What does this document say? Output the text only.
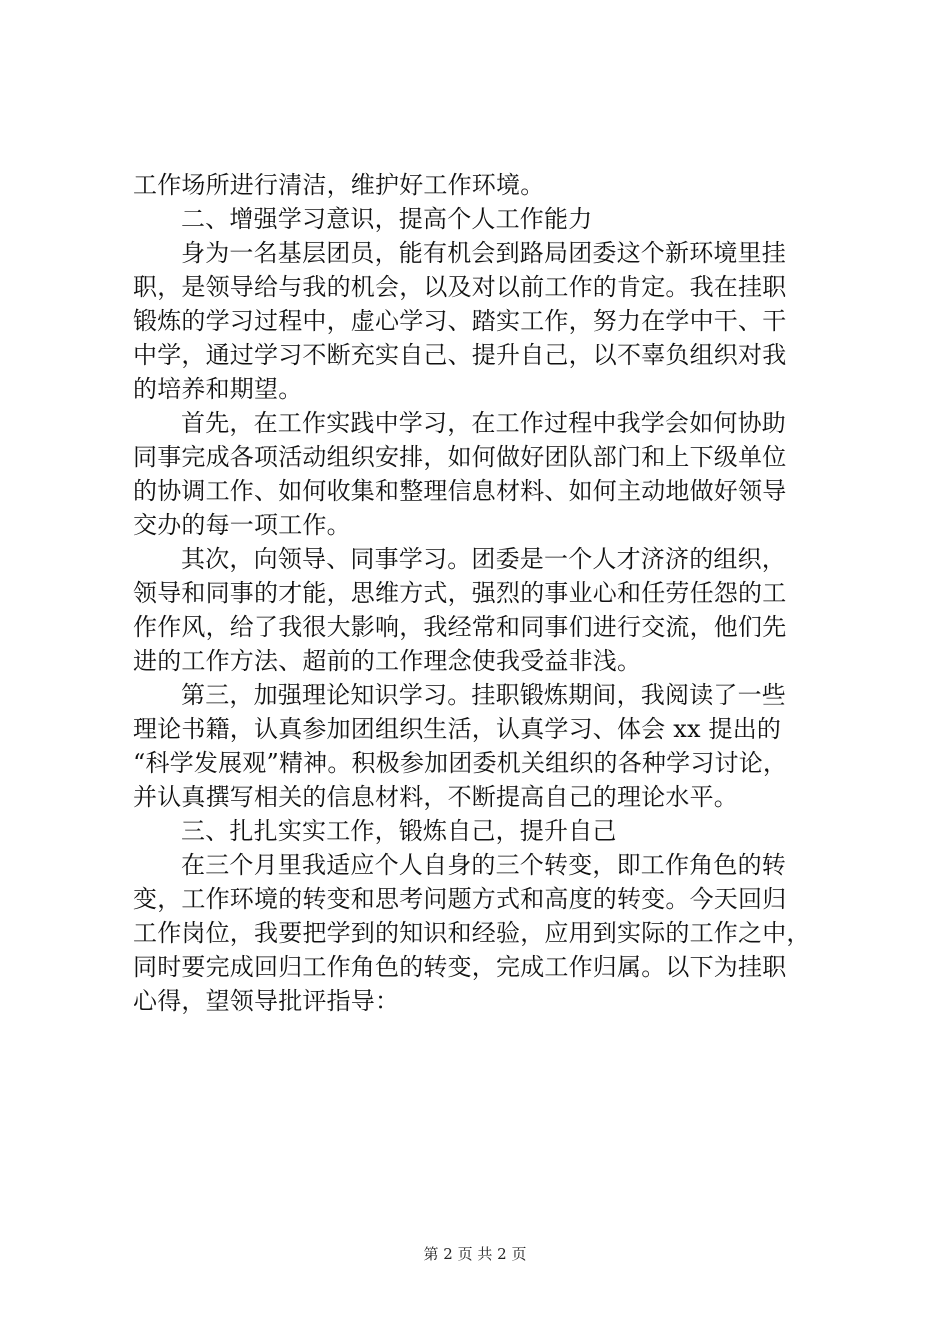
工作场所进行清洁，维护好工作环境。
二、增强学习意识，提高个人工作能力
身为一名基层团员，能有机会到路局团委这个新环境里挂
职，是领导给与我的机会，以及对以前工作的肯定。我在挂职
锻炼的学习过程中，虚心学习、踏实工作，努力在学中干、干
中学，通过学习不断充实自己、提升自己，以不辜负组织对我
的培养和期望。
首先，在工作实践中学习，在工作过程中我学会如何协助
同事完成各项活动组织安排，如何做好团队部门和上下级单位
的协调工作、如何收集和整理信息材料、如何主动地做好领导
交办的每一项工作。
其次，向领导、同事学习。团委是一个人才济济的组织，
领导和同事的才能，思维方式，强烈的事业心和任劳任怨的工
作作风，给了我很大影响，我经常和同事们进行交流，他们先
进的工作方法、超前的工作理念使我受益非浅。
第三，加强理论知识学习。挂职锻炼期间，我阅读了一些
理论书籍，认真参加团组织生活，认真学习、体会 xx 提出的
“科学发展观”精神。积极参加团委机关组织的各种学习讨论，
并认真撰写相关的信息材料，不断提高自己的理论水平。
三、扎扎实实工作，锻炼自己，提升自己
在三个月里我适应个人自身的三个转变，即工作角色的转
变，工作环境的转变和思考问题方式和高度的转变。今天回归
工作岗位，我要把学到的知识和经验，应用到实际的工作之中，
同时要完成回归工作角色的转变，完成工作归属。以下为挂职
心得，望领导批评指导：
第 2 页 共 2 页
